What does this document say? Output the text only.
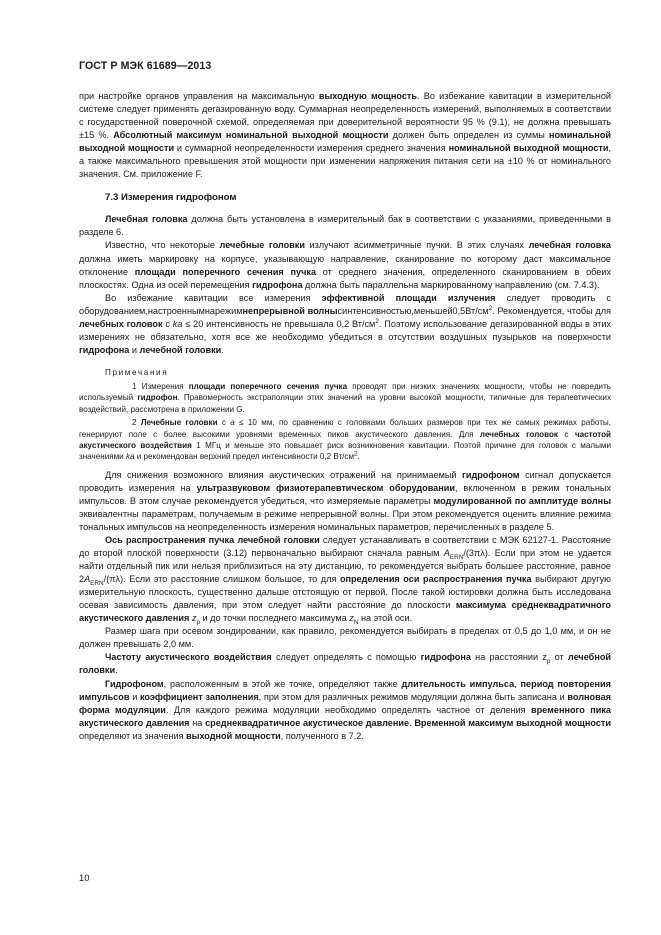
ГОСТ Р МЭК 61689—2013

при настройке органов управления на максимальную выходную мощность. Во избежание кавитации в измерительной системе следует применять дегазированную воду. Суммарная неопределенность измерений, выполняемых в соответствии с государственной поверочной схемой, определяемая при доверительной вероятности 95 % (9.1), не должна превышать ±15 %. Абсолютный максимум номинальной выходной мощности должен быть определен из суммы номинальной выходной мощности и суммарной неопределенности измерения среднего значения номинальной выходной мощности, а также максимального превышения этой мощности при изменении напряжения питания сети на ±10 % от номинального значения. См. приложение F.

7.3 Измерения гидрофоном

Лечебная головка должна быть установлена в измерительный бак в соответствии с указаниями, приведенными в разделе 6.

Известно, что некоторые лечебные головки излучают асимметричные пучки. В этих случаях лечебная головка должна иметь маркировку на корпусе, указывающую направление, сканирование по которому даст максимальное отклонение площади поперечного сечения пучка от среднего значения, определенного сканированием в обеих плоскостях. Одна из осей перемещения гидрофона должна быть параллельна маркированному направлению (см. 7.4.3).

Во избежание кавитации все измерения эффективной площади излучения следует проводить с оборудованием,настроеннымнарежимнепрерывной $волнысинтенсивностью,меньшей0,5Вт/см^2$. Рекомендуется, чтобы для лечебных головок с ka ≤ 20 интенсивность не превышала 0,2 $Вт/см^2$. Поэтому использование дегазированной воды в этих измерениях не обязательно, хотя все же необходимо убедиться в отсутствии воздушных пузырьков на поверхности гидрофона и лечебной головки.

Примечания

1 Измерения площади поперечного сечения пучка проводят при низких значениях мощности, чтобы не повредить используемый гидрофон. Правомерность экстраполяции этих значений на уровни высокой мощности, типичные для терапевтических воздействий, рассмотрена в приложении G.

2 Лечебные головки с a ≤ 10 мм, по сравнению с головками больших размеров при тех же самых режимах работы, генерируют поле с более высокими уровнями временных пиков акустического давления. Для лечебных головок с частотой акустического воздействия 1 МГц и меньше это повышает риск возникновения кавитации. Поэтой причине для головок с малыми значениями ka и рекомендован верхний предел интенсивности 0,2 $Вт/см^2$.

Для снижения возможного влияния акустических отражений на принимаемый гидрофоном сигнал допускается проводить измерения на ультразвуковом физиотерапевтическом оборудовании, включенном в режим тональных импульсов. В этом случае рекомендуется убедиться, что измеряемые параметры модулированной по амплитуде волны эквивалентны параметрам, получаемым в режиме непрерывной волны. При этом рекомендуется оценить влияние режима тональных импульсов на неопределенность измерения номинальных параметров, перечисленных в разделе 5.

Ось распространения пучка лечебной головки следует устанавливать в соответствии с МЭК 62127-1. Расстояние до второй плоской поверхности (3.12) первоначально выбирают сначала равным $A_{ERN}/(3\pi\lambda)$. Если при этом не удается найти отдельный пик или нельзя приблизиться на эту дистанцию, то рекомендуется выбрать большее расстояние, равное $2A_{ERN}/(\pi\lambda)$. Если это расстояние слишком большое, то для определения оси распространения пучка выбирают другую измерительную плоскость, существенно дальше отстоящую от первой. После такой юстировки должна быть исследована осевая зависимость давления, при этом следует найти расстояние до плоскости максимума среднеквадратичного акустического давления $z_p$ и до точки последнего максимума $z_N$ на этой оси.

Размер шага при осевом зондировании, как правило, рекомендуется выбирать в пределах от 0,5 до 1,0 мм, и он не должен превышать 2,0 мм.

Частоту акустического воздействия следует определять с помощью гидрофона на расстоянии $z_p$ от лечебной головки.

Гидрофоном, расположенным в этой же точке, определяют также длительность импульса, период повторения импульсов и коэффициент заполнения, при этом для различных режимов модуляции должна быть записана и волновая форма модуляции. Для каждого режима модуляции необходимо определять частное от деления временного пика акустического давления на среднеквадратичное акустическое давление. Временной максимум выходной мощности определяют из значения выходной мощности, полученного в 7.2.

10
